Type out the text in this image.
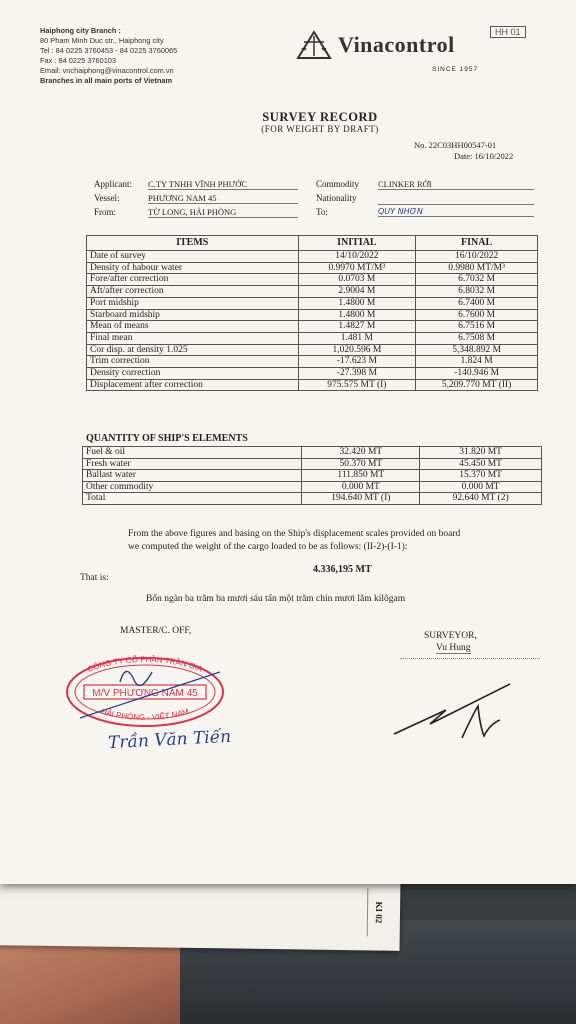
KI 02
Haiphong city Branch :
80 Pham Minh Duc str., Haiphong city
Tel : 84 0225 3760453 - 84 0225 3760065
Fax : 84 0225 3760103
Email: vnchaiphong@vinacontrol.com.vn
Branches in all main ports of Vietnam
HH 01
Vinacontrol
SINCE 1957
SURVEY RECORD
(FOR WEIGHT BY DRAFT)
No. 22C03HH00547-01
Date: 16/10/2022
Applicant: C.TY TNHH VĨNH PHƯỚC
Vessel:	PHƯƠNG NAM 45
From:	TỪ LONG, HẢI PHÒNG
Commodity CLINKER RỜI
Nationality
To:	QUY NHƠN
ITEMS	INITIAL	FINAL
Date of survey	14/10/2022	16/10/2022
Density of habour water	0.9970 MT/M³	0.9980 MT/M³
Fore/after correction	0.0703 M	6.7032 M
Aft/after correction	2.9004 M	6.8032 M
Port midship	1.4800 M	6.7400 M
Starboard midship	1.4800 M	6.7600 M
Mean of means	1.4827 M	6.7516 M
Final mean	1.481 M	6.7508 M
Cor disp. at density 1.025	1,020.596 M	5,348.892 M
Trim correction	-17.623 M	1.824 M
Density correction	-27.398 M	-140.946 M
Displacement after correction	975.575 MT (I)	5,209.770 MT (II)
QUANTITY OF SHIP'S ELEMENTS
Fuel & oil	32.420 MT	31.820 MT
Fresh water	50.370 MT	45.450 MT
Ballast water	111.850 MT	15.370 MT
Other commodity	0.000 MT	0.000 MT
Total	194.640 MT (I)	92.640 MT (2)
From the above figures and basing on the Ship's displacement scales provided on board
we computed the weight of the cargo loaded to be as follows: (II-2)-(I-1):
4.336,195 MT
That is:
Bốn ngàn ba trăm ba mươi sáu tấn một trăm chín mươi lăm kilôgam
MASTER/C. OFF,	SURVEYOR,
Vu Hung
CÔNG TY CỔ PHẦN TRẦN GIA
HẢI PHÒNG - VIỆT NAM
M/V PHƯƠNG NAM 45
Trần Văn Tiến
